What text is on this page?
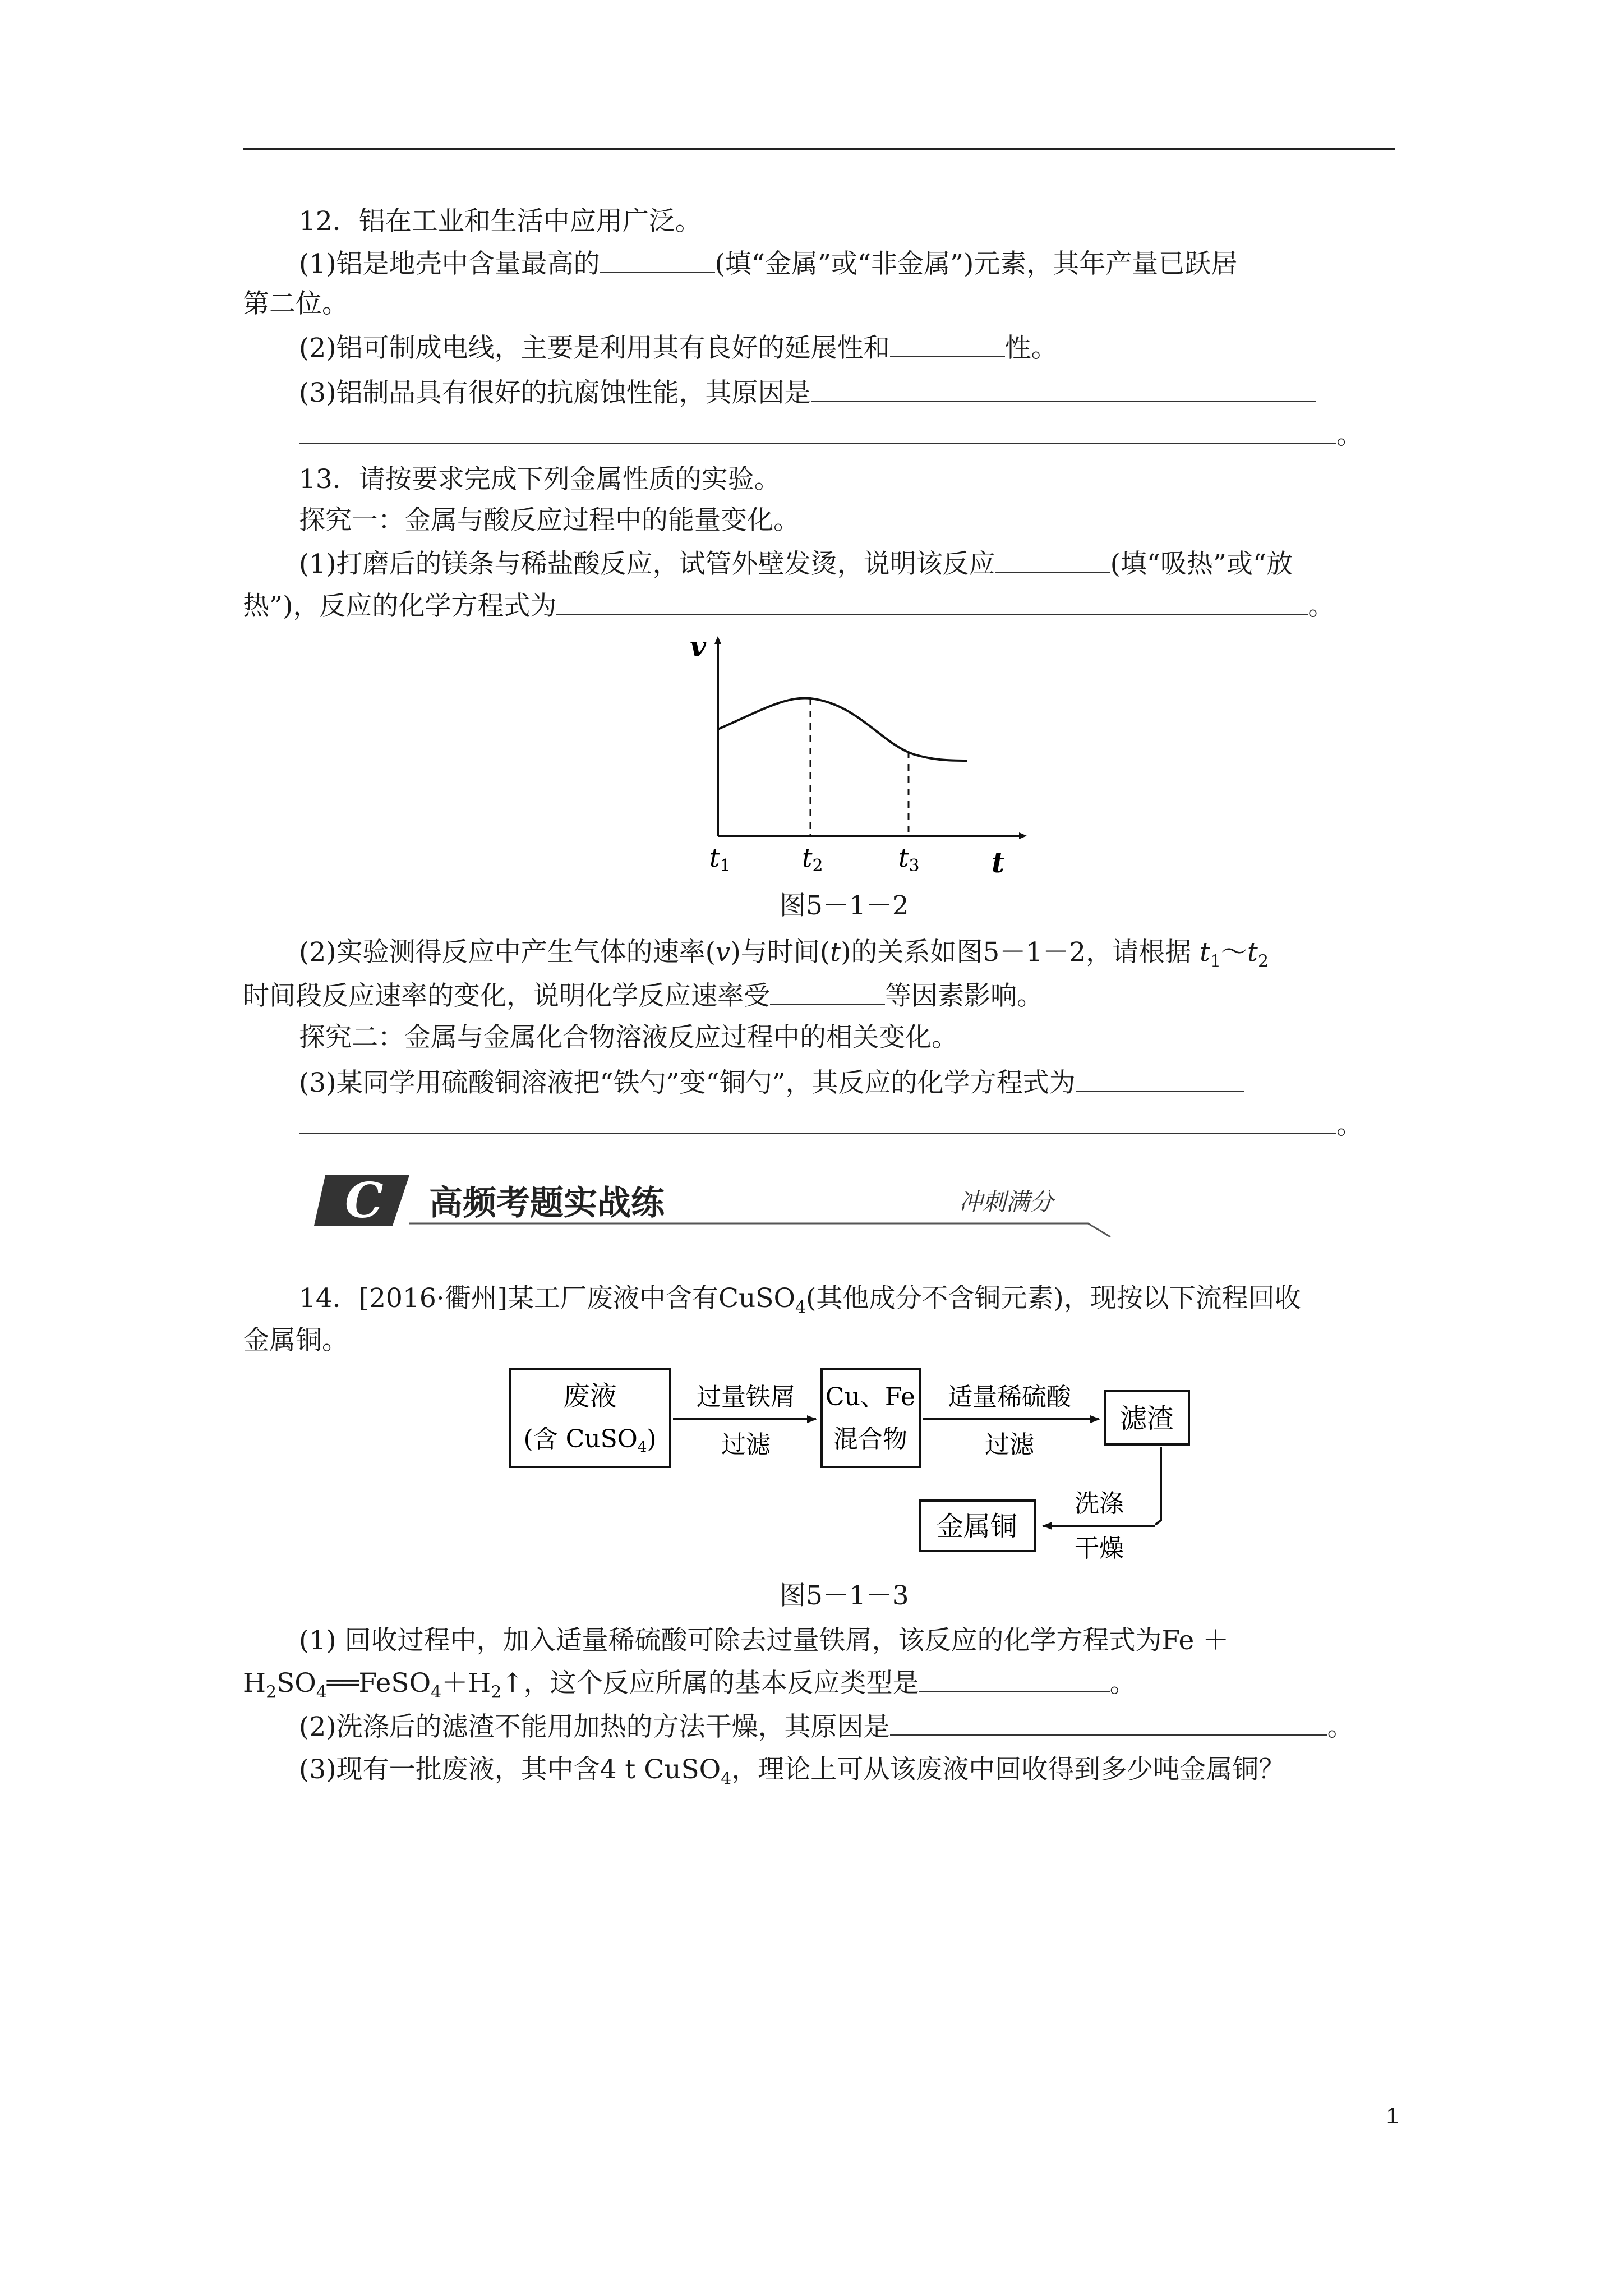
12．铝在工业和生活中应用广泛。
(1)铝是地壳中含量最高的	(填“金属”或“非金属”)元素，其年产量已跃居
第二位。
(2)铝可制成电线，主要是利用其有良好的延展性和	性。
(3)铝制品具有很好的抗腐蚀性能，其原因是
。
13．请按要求完成下列金属性质的实验。
探究一：金属与酸反应过程中的能量变化。
(1)打磨后的镁条与稀盐酸反应，试管外壁发烫，说明该反应	(填“吸热”或“放
热”)，反应的化学方程式为	。
v
t
t1	t2	t3
图5－1－2
(2)实验测得反应中产生气体的速率(v)与时间(t)的关系如图5－1－2，请根据 $t_1\sim t_2$
时间段反应速率的变化，说明化学反应速率受	等因素影响。
探究二：金属与金属化合物溶液反应过程中的相关变化。
(3)某同学用硫酸铜溶液把“铁勺”变“铜勺”，其反应的化学方程式为
。
C 高频考题实战练	冲刺满分
14．[2016·衢州]某工厂废液中含有CuSO$_4$(其他成分不含铜元素)，现按以下流程回收
金属铜。
废液
(含 CuSO4)
过量铁屑
过滤
Cu、Fe
混合物
适量稀硫酸
过滤
滤渣
洗涤
干燥
金属铜
图5－1－3
(1) 回收过程中，加入适量稀硫酸可除去过量铁屑，该反应的化学方程式为Fe ＋
$H_2SO_4══FeSO_4+H_2↑$，这个反应所属的基本反应类型是	。
(2)洗涤后的滤渣不能用加热的方法干燥，其原因是	。
(3)现有一批废液，其中含4 t CuSO$_4$，理论上可从该废液中回收得到多少吨金属铜？
1
